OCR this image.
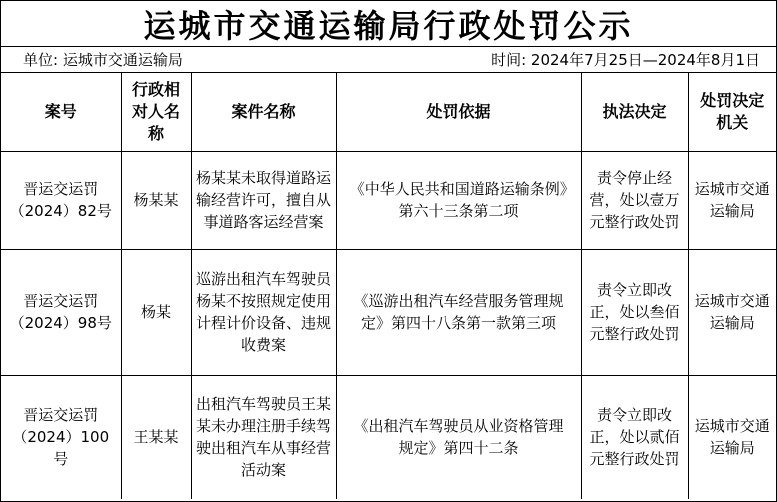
运城市交通运输局行政处罚公示
单位: 运城市交通运输局	时间: 2024年7月25日—2024年8月1日
案号	行政相对人名称	案件名称	处罚依据	执法决定	处罚决定机关
晋运交运罚（2024）82号	杨某某	杨某某未取得道路运输经营许可，擅自从事道路客运经营案	《中华人民共和国道路运输条例》第六十三条第二项	责令停止经营，处以壹万元整行政处罚	运城市交通运输局
晋运交运罚（2024）98号	杨某	巡游出租汽车驾驶员杨某不按照规定使用计程计价设备、违规收费案	《巡游出租汽车经营服务管理规定》第四十八条第一款第三项	责令立即改正，处以叁佰元整行政处罚	运城市交通运输局
晋运交运罚（2024）100号	王某某	出租汽车驾驶员王某某未办理注册手续驾驶出租汽车从事经营活动案	《出租汽车驾驶员从业资格管理规定》第四十二条	责令立即改正，处以贰佰元整行政处罚	运城市交通运输局
